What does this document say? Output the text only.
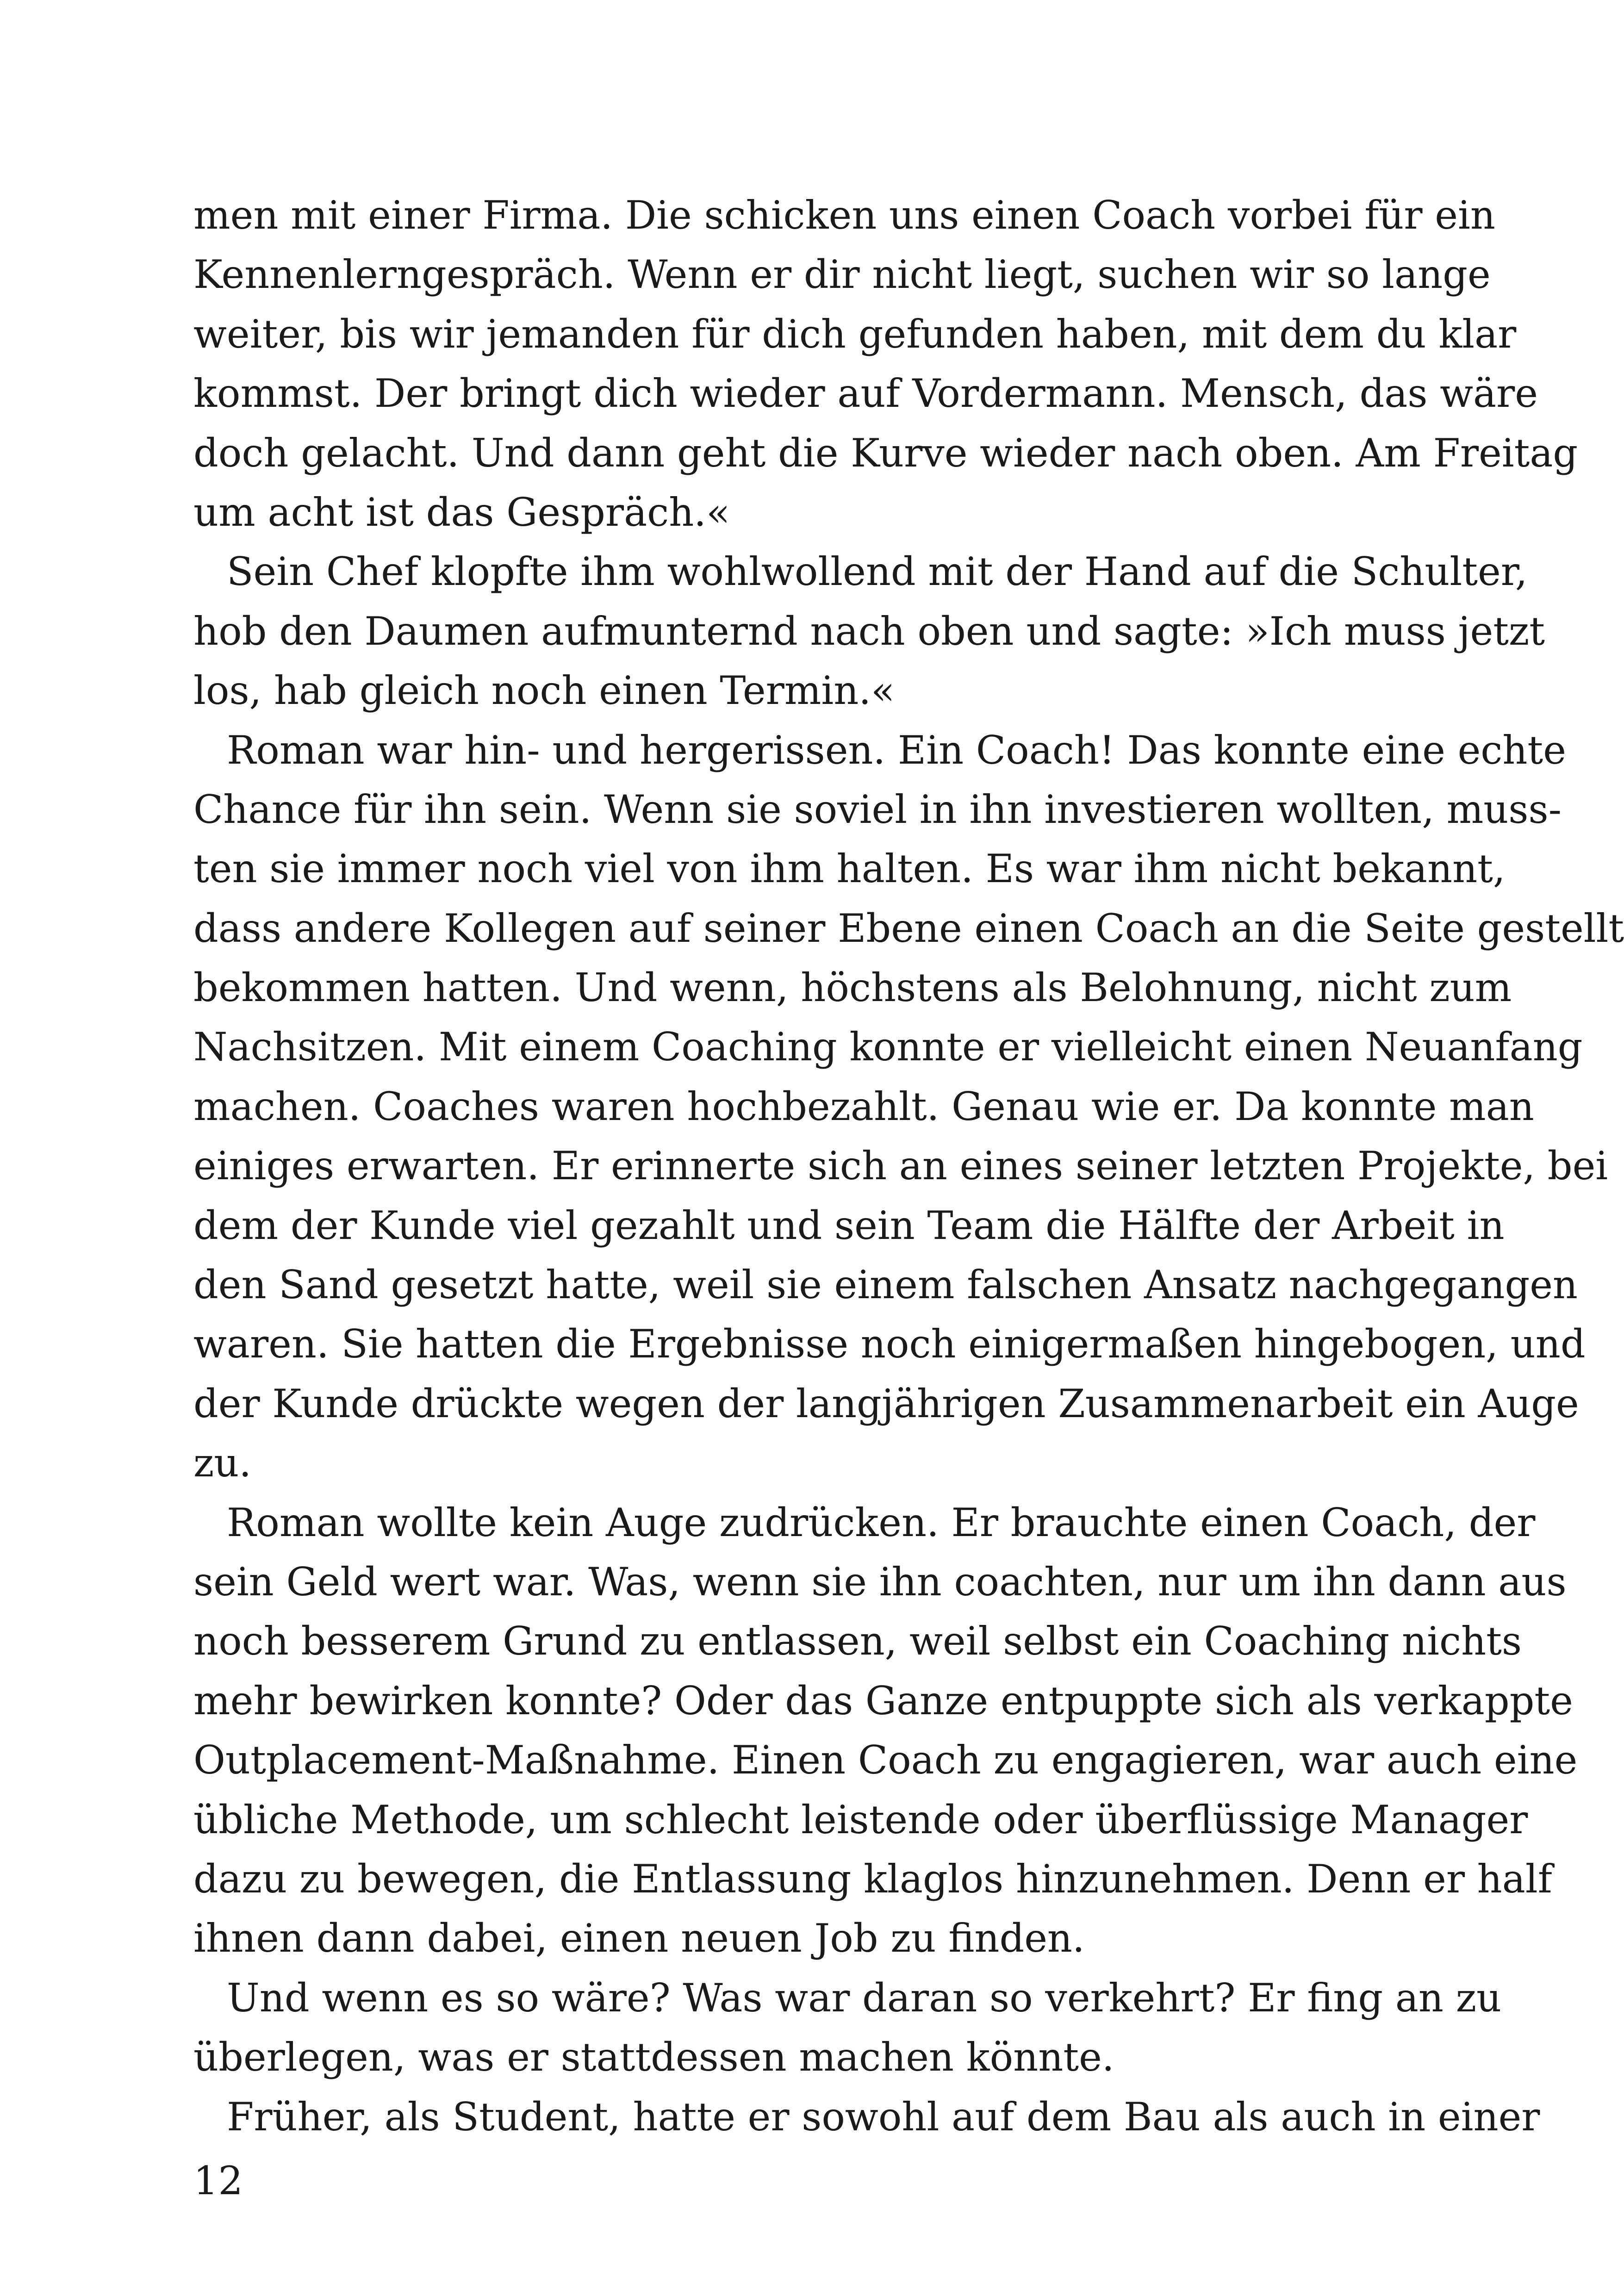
men mit einer Firma. Die schicken uns einen Coach vorbei für ein
Kennenlerngespräch. Wenn er dir nicht liegt, suchen wir so lange
weiter, bis wir jemanden für dich gefunden haben, mit dem du klar
kommst. Der bringt dich wieder auf Vordermann. Mensch, das wäre
doch gelacht. Und dann geht die Kurve wieder nach oben. Am Freitag
um acht ist das Gespräch.«
Sein Chef klopfte ihm wohlwollend mit der Hand auf die Schulter,
hob den Daumen aufmunternd nach oben und sagte: »Ich muss jetzt
los, hab gleich noch einen Termin.«
Roman war hin- und hergerissen. Ein Coach! Das konnte eine echte
Chance für ihn sein. Wenn sie soviel in ihn investieren wollten, muss-
ten sie immer noch viel von ihm halten. Es war ihm nicht bekannt,
dass andere Kollegen auf seiner Ebene einen Coach an die Seite gestellt
bekommen hatten. Und wenn, höchstens als Belohnung, nicht zum
Nachsitzen. Mit einem Coaching konnte er vielleicht einen Neuanfang
machen. Coaches waren hochbezahlt. Genau wie er. Da konnte man
einiges erwarten. Er erinnerte sich an eines seiner letzten Projekte, bei
dem der Kunde viel gezahlt und sein Team die Hälfte der Arbeit in
den Sand gesetzt hatte, weil sie einem falschen Ansatz nachgegangen
waren. Sie hatten die Ergebnisse noch einigermaßen hingebogen, und
der Kunde drückte wegen der langjährigen Zusammenarbeit ein Auge
zu.
Roman wollte kein Auge zudrücken. Er brauchte einen Coach, der
sein Geld wert war. Was, wenn sie ihn coachten, nur um ihn dann aus
noch besserem Grund zu entlassen, weil selbst ein Coaching nichts
mehr bewirken konnte? Oder das Ganze entpuppte sich als verkappte
Outplacement-Maßnahme. Einen Coach zu engagieren, war auch eine
übliche Methode, um schlecht leistende oder überflüssige Manager
dazu zu bewegen, die Entlassung klaglos hinzunehmen. Denn er half
ihnen dann dabei, einen neuen Job zu finden.
Und wenn es so wäre? Was war daran so verkehrt? Er fing an zu
überlegen, was er stattdessen machen könnte.
Früher, als Student, hatte er sowohl auf dem Bau als auch in einer
12
